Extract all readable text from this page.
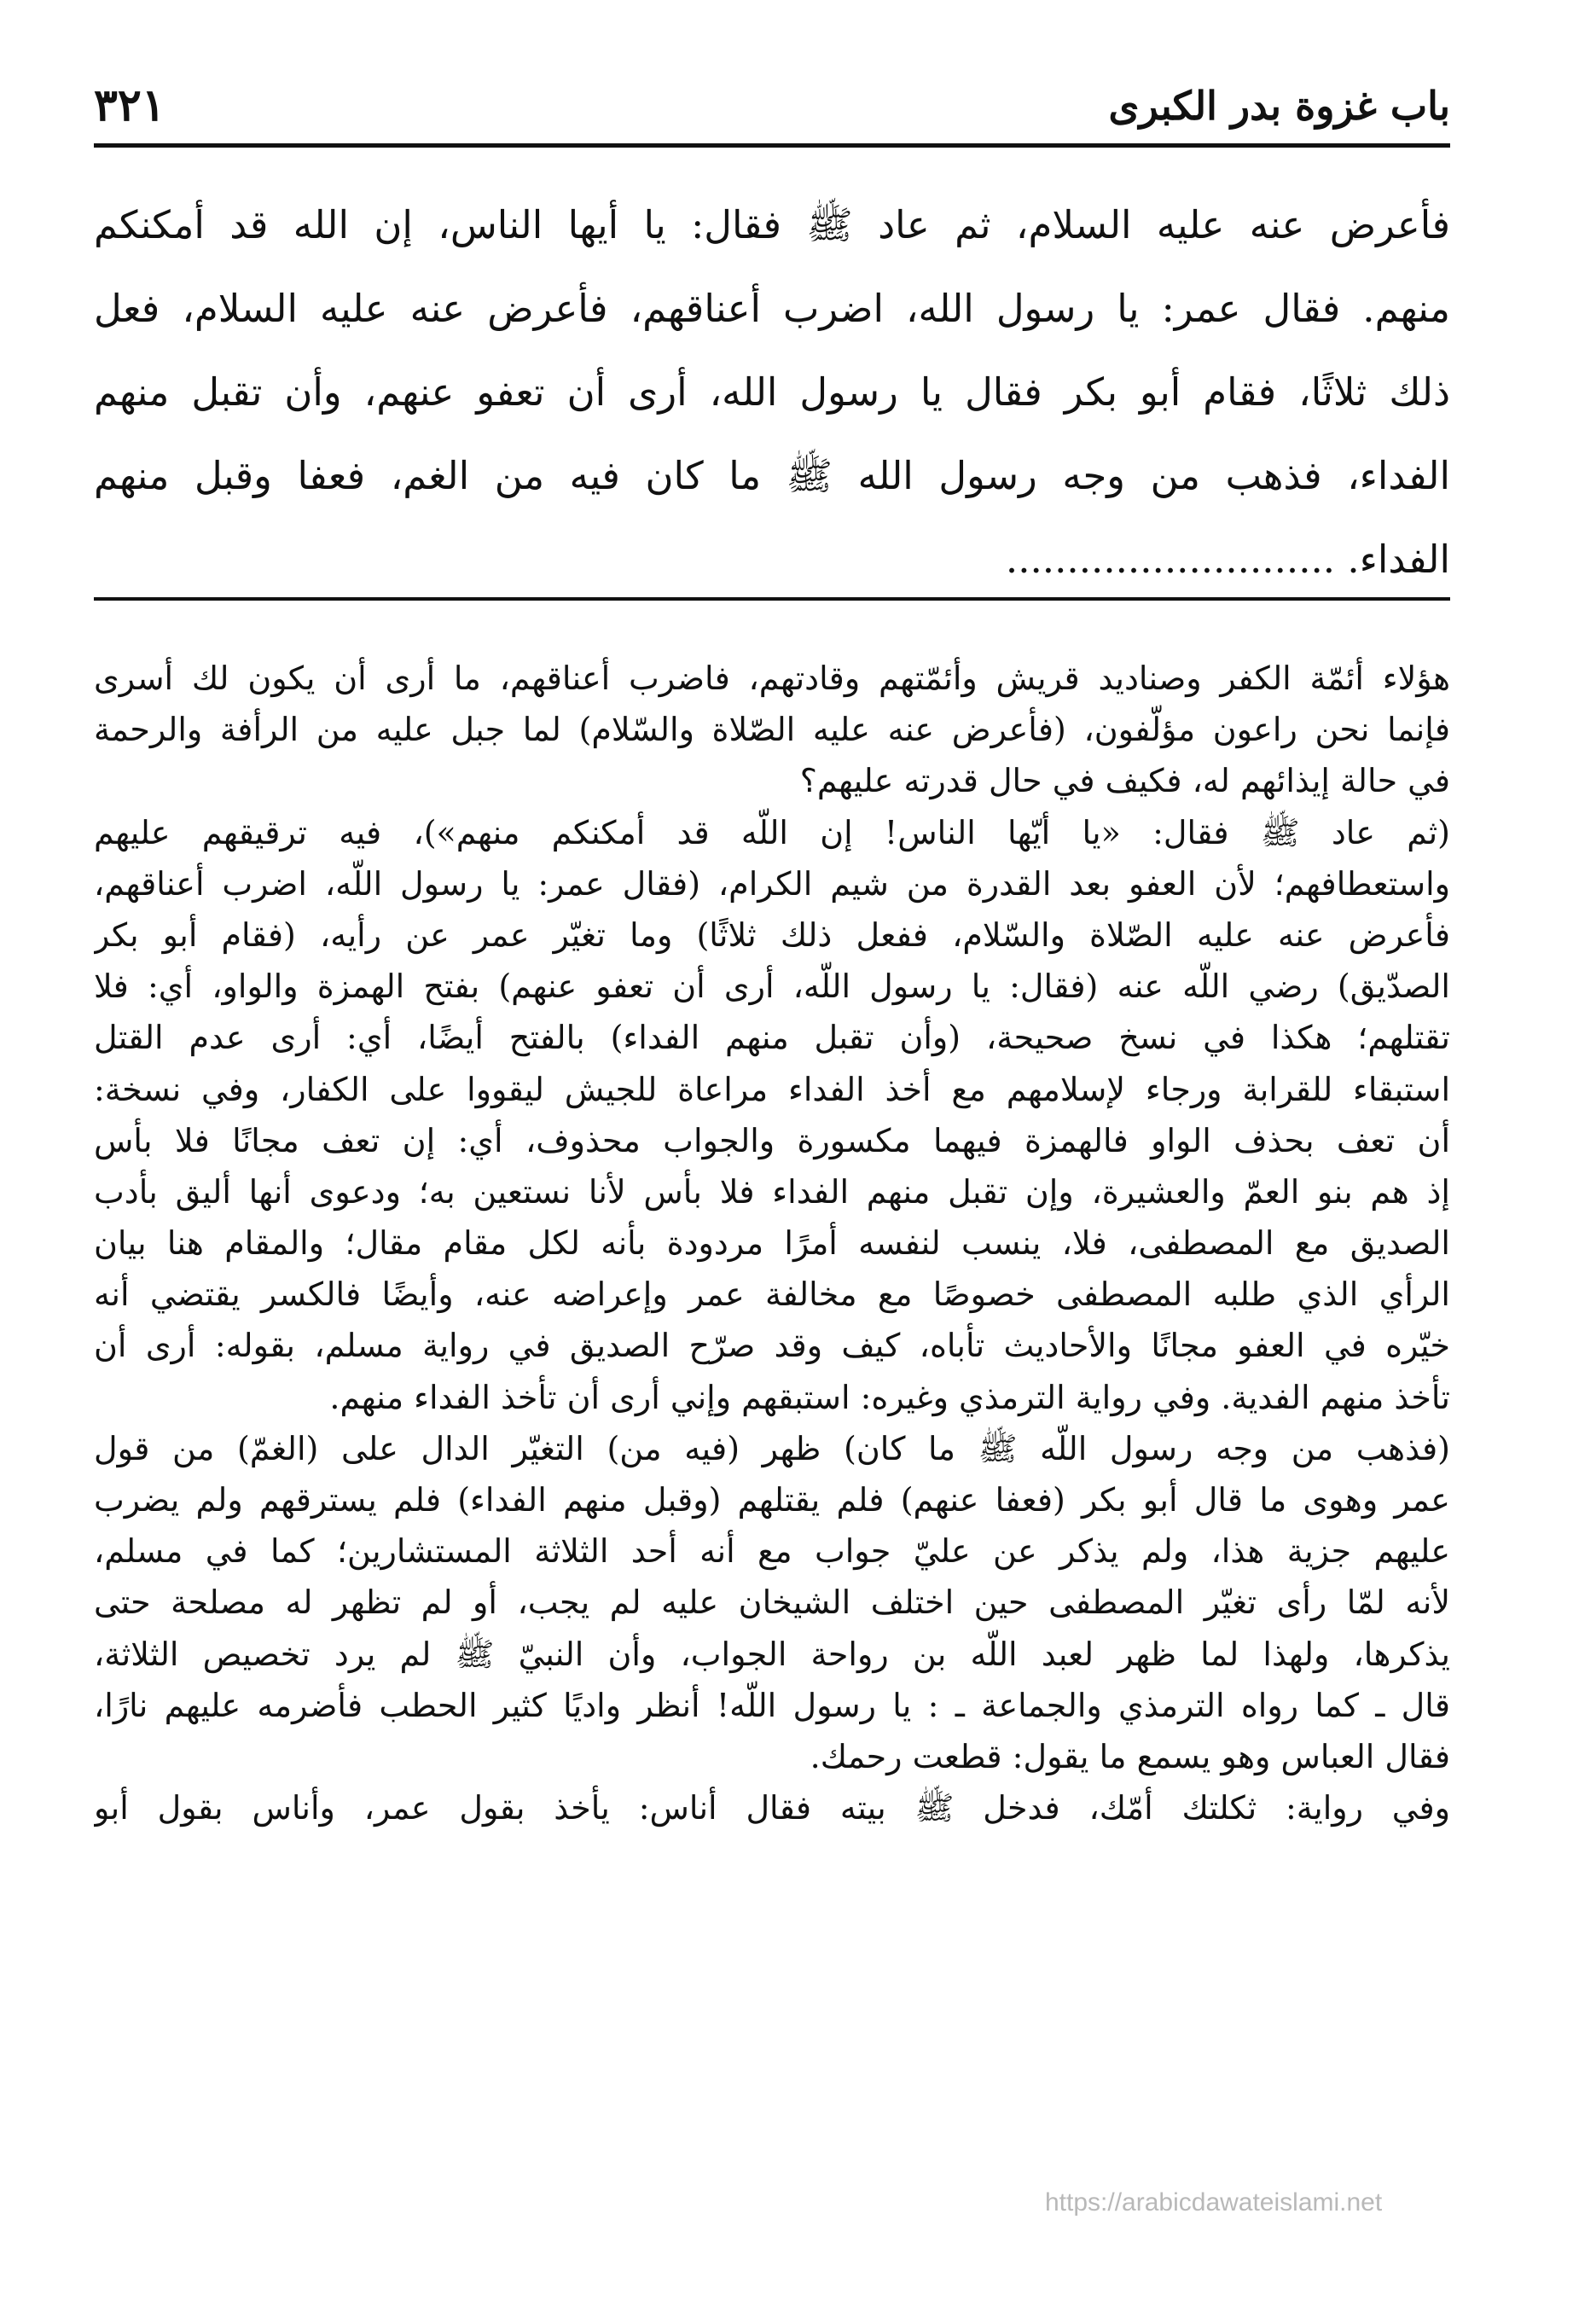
باب غزوة بدر الكبرى
٣٢١
فأعرض عنه عليه السلام، ثم عاد ﷺ فقال: يا أيها الناس، إن الله قد أمكنكم
منهم. فقال عمر: يا رسول الله، اضرب أعناقهم، فأعرض عنه عليه السلام، فعل
ذلك ثلاثًا، فقام أبو بكر فقال يا رسول الله، أرى أن تعفو عنهم، وأن تقبل منهم
الفداء، فذهب من وجه رسول الله ﷺ ما كان فيه من الغم، فعفا وقبل منهم
الفداء. ...........................
هؤلاء أئمّة الكفر وصناديد قريش وأئمّتهم وقادتهم، فاضرب أعناقهم، ما أرى أن يكون لك أسرى
فإنما نحن راعون مؤلّفون، (فأعرض عنه عليه الصّلاة والسّلام) لما جبل عليه من الرأفة والرحمة
في حالة إيذائهم له، فكيف في حال قدرته عليهم؟
(ثم عاد ﷺ فقال: «يا أيّها الناس! إن اللّه قد أمكنكم منهم»)، فيه ترقيقهم عليهم
واستعطافهم؛ لأن العفو بعد القدرة من شيم الكرام، (فقال عمر: يا رسول اللّه، اضرب أعناقهم،
فأعرض عنه عليه الصّلاة والسّلام، ففعل ذلك ثلاثًا) وما تغيّر عمر عن رأيه، (فقام أبو بكر
الصدّيق) رضي اللّه عنه (فقال: يا رسول اللّه، أرى أن تعفو عنهم) بفتح الهمزة والواو، أي: فلا
تقتلهم؛ هكذا في نسخ صحيحة، (وأن تقبل منهم الفداء) بالفتح أيضًا، أي: أرى عدم القتل
استبقاء للقرابة ورجاء لإسلامهم مع أخذ الفداء مراعاة للجيش ليقووا على الكفار، وفي نسخة:
أن تعف بحذف الواو فالهمزة فيهما مكسورة والجواب محذوف، أي: إن تعف مجانًا فلا بأس
إذ هم بنو العمّ والعشيرة، وإن تقبل منهم الفداء فلا بأس لأنا نستعين به؛ ودعوى أنها أليق بأدب
الصديق مع المصطفى، فلا، ينسب لنفسه أمرًا مردودة بأنه لكل مقام مقال؛ والمقام هنا بيان
الرأي الذي طلبه المصطفى خصوصًا مع مخالفة عمر وإعراضه عنه، وأيضًا فالكسر يقتضي أنه
خيّره في العفو مجانًا والأحاديث تأباه، كيف وقد صرّح الصديق في رواية مسلم، بقوله: أرى أن
تأخذ منهم الفدية. وفي رواية الترمذي وغيره: استبقهم وإني أرى أن تأخذ الفداء منهم.
(فذهب من وجه رسول اللّه ﷺ ما كان) ظهر (فيه من) التغيّر الدال على (الغمّ) من قول
عمر وهوى ما قال أبو بكر (فعفا عنهم) فلم يقتلهم (وقبل منهم الفداء) فلم يسترقهم ولم يضرب
عليهم جزية هذا، ولم يذكر عن عليّ جواب مع أنه أحد الثلاثة المستشارين؛ كما في مسلم،
لأنه لمّا رأى تغيّر المصطفى حين اختلف الشيخان عليه لم يجب، أو لم تظهر له مصلحة حتى
يذكرها، ولهذا لما ظهر لعبد اللّه بن رواحة الجواب، وأن النبيّ ﷺ لم يرد تخصيص الثلاثة،
قال ـ كما رواه الترمذي والجماعة ـ : يا رسول اللّه! أنظر واديًا كثير الحطب فأضرمه عليهم نارًا،
فقال العباس وهو يسمع ما يقول: قطعت رحمك.
وفي رواية: ثكلتك أمّك، فدخل ﷺ بيته فقال أناس: يأخذ بقول عمر، وأناس بقول أبو
https://arabicdawateislami.net
